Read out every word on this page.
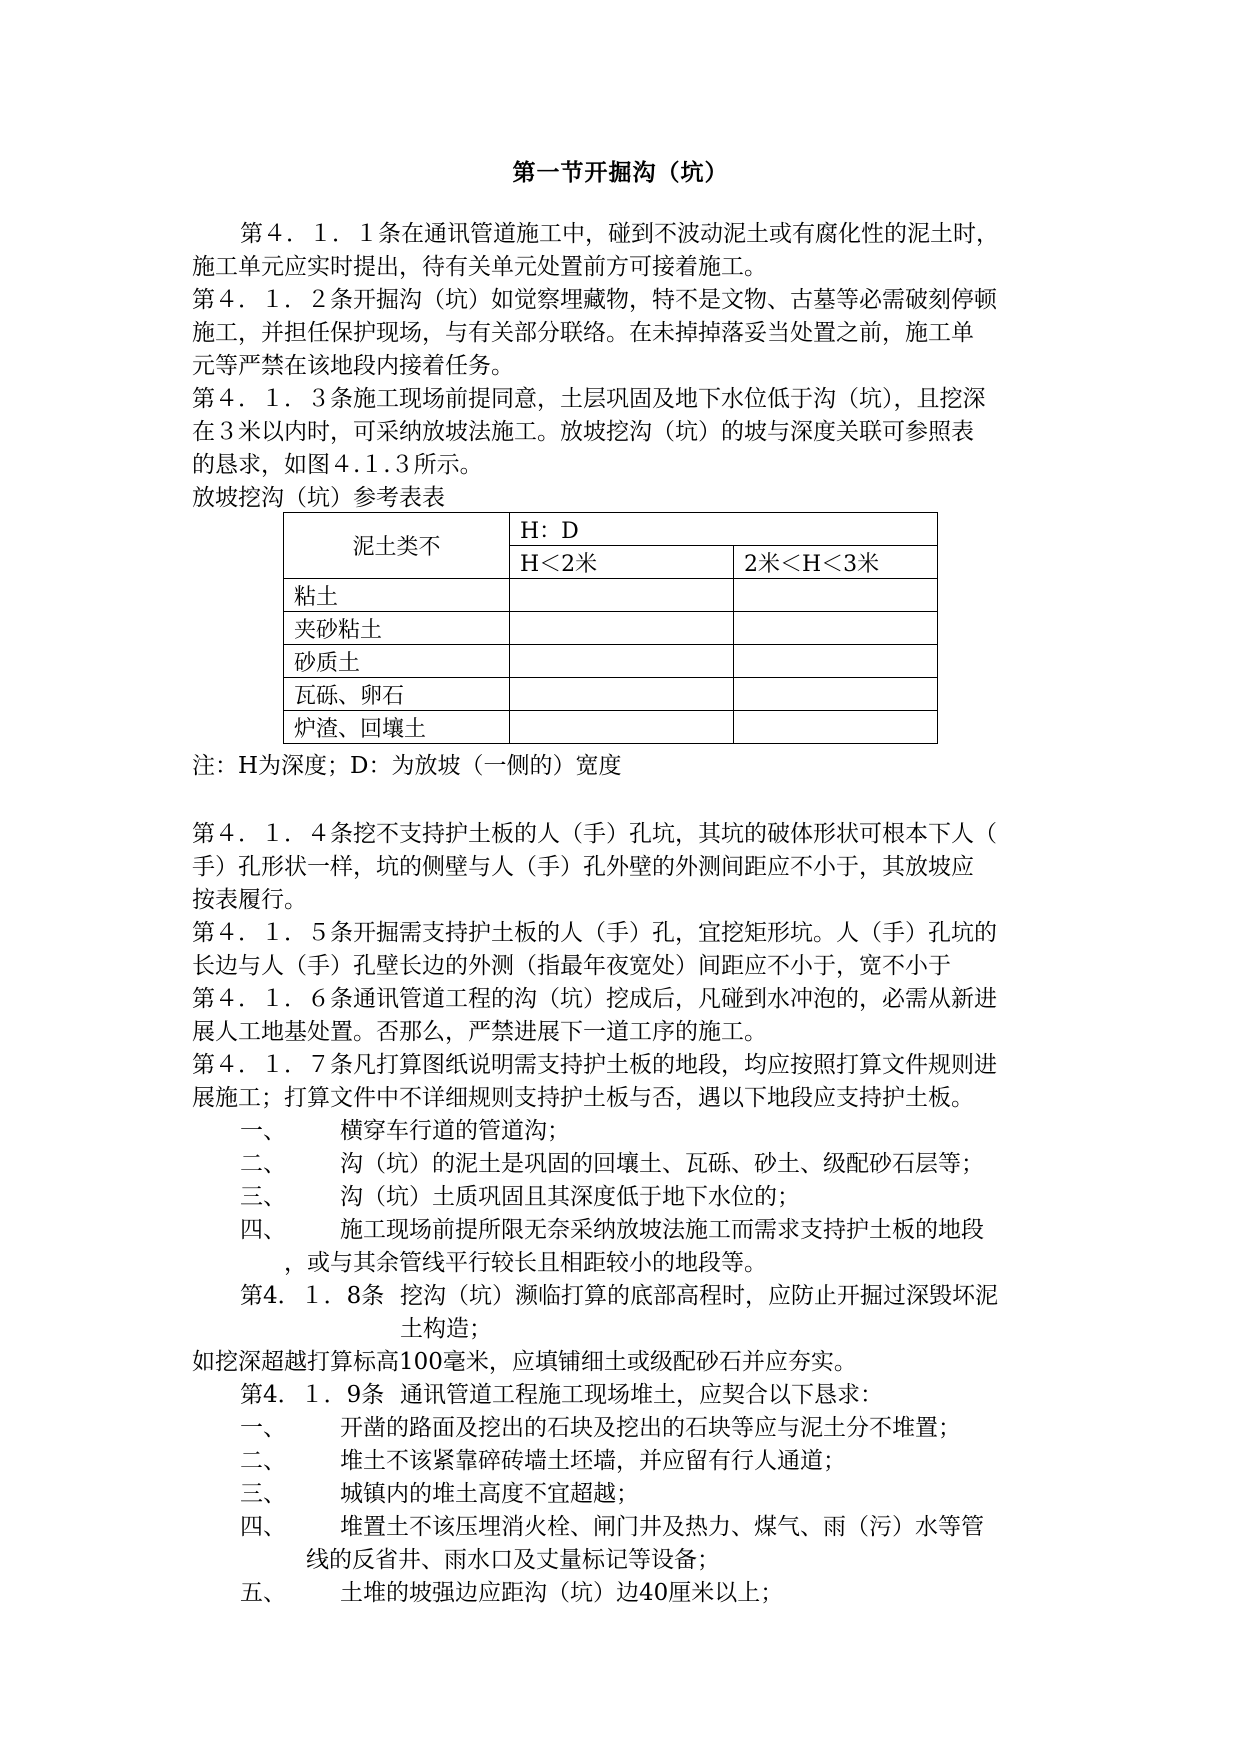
第一节开掘沟（坑）
第４．１．１条在通讯管道施工中，碰到不波动泥土或有腐化性的泥土时，
施工单元应实时提出，待有关单元处置前方可接着施工。
第４．１．２条开掘沟（坑）如觉察埋藏物，特不是文物、古墓等必需破刻停顿
施工，并担任保护现场，与有关部分联络。在未掉掉落妥当处置之前，施工单
元等严禁在该地段内接着任务。
第４．１．３条施工现场前提同意，土层巩固及地下水位低于沟（坑），且挖深
在３米以内时，可采纳放坡法施工。放坡挖沟（坑）的坡与深度关联可参照表
的恳求，如图４.１.３所示。
放坡挖沟（坑）参考表表
泥土类不	H：D	
	H＜2米	2米＜H＜3米
粘土		
夹砂粘土		
砂质土		
瓦砾、卵石		
炉渣、回壤土		
注：H为深度；D：为放坡（一侧的）宽度
第４．１．４条挖不支持护土板的人（手）孔坑，其坑的破体形状可根本下人（
手）孔形状一样，坑的侧壁与人（手）孔外壁的外测间距应不小于，其放坡应
按表履行。
第４．１．５条开掘需支持护土板的人（手）孔，宜挖矩形坑。人（手）孔坑的
长边与人（手）孔壁长边的外测（指最年夜宽处）间距应不小于，宽不小于
第４．１．６条通讯管道工程的沟（坑）挖成后，凡碰到水冲泡的，必需从新进
展人工地基处置。否那么，严禁进展下一道工序的施工。
第４．１．７条凡打算图纸说明需支持护土板的地段，均应按照打算文件规则进
展施工；打算文件中不详细规则支持护土板与否，遇以下地段应支持护土板。
一、 横穿车行道的管道沟；
二、 沟（坑）的泥土是巩固的回壤土、瓦砾、砂土、级配砂石层等；
三、 沟（坑）土质巩固且其深度低于地下水位的；
四、 施工现场前提所限无奈采纳放坡法施工而需求支持护土板的地段
，或与其余管线平行较长且相距较小的地段等。
第4．１．8条 挖沟（坑）濒临打算的底部高程时，应防止开掘过深毁坏泥
土构造；
如挖深超越打算标高100毫米，应填铺细土或级配砂石并应夯实。
第4．１．9条 通讯管道工程施工现场堆土，应契合以下恳求：
一、 开凿的路面及挖出的石块及挖出的石块等应与泥土分不堆置；
二、 堆土不该紧靠碎砖墙土坯墙，并应留有行人通道；
三、 城镇内的堆土高度不宜超越；
四、 堆置土不该压埋消火栓、闸门井及热力、煤气、雨（污）水等管
线的反省井、雨水口及丈量标记等设备；
五、 土堆的坡强边应距沟（坑）边40厘米以上；
